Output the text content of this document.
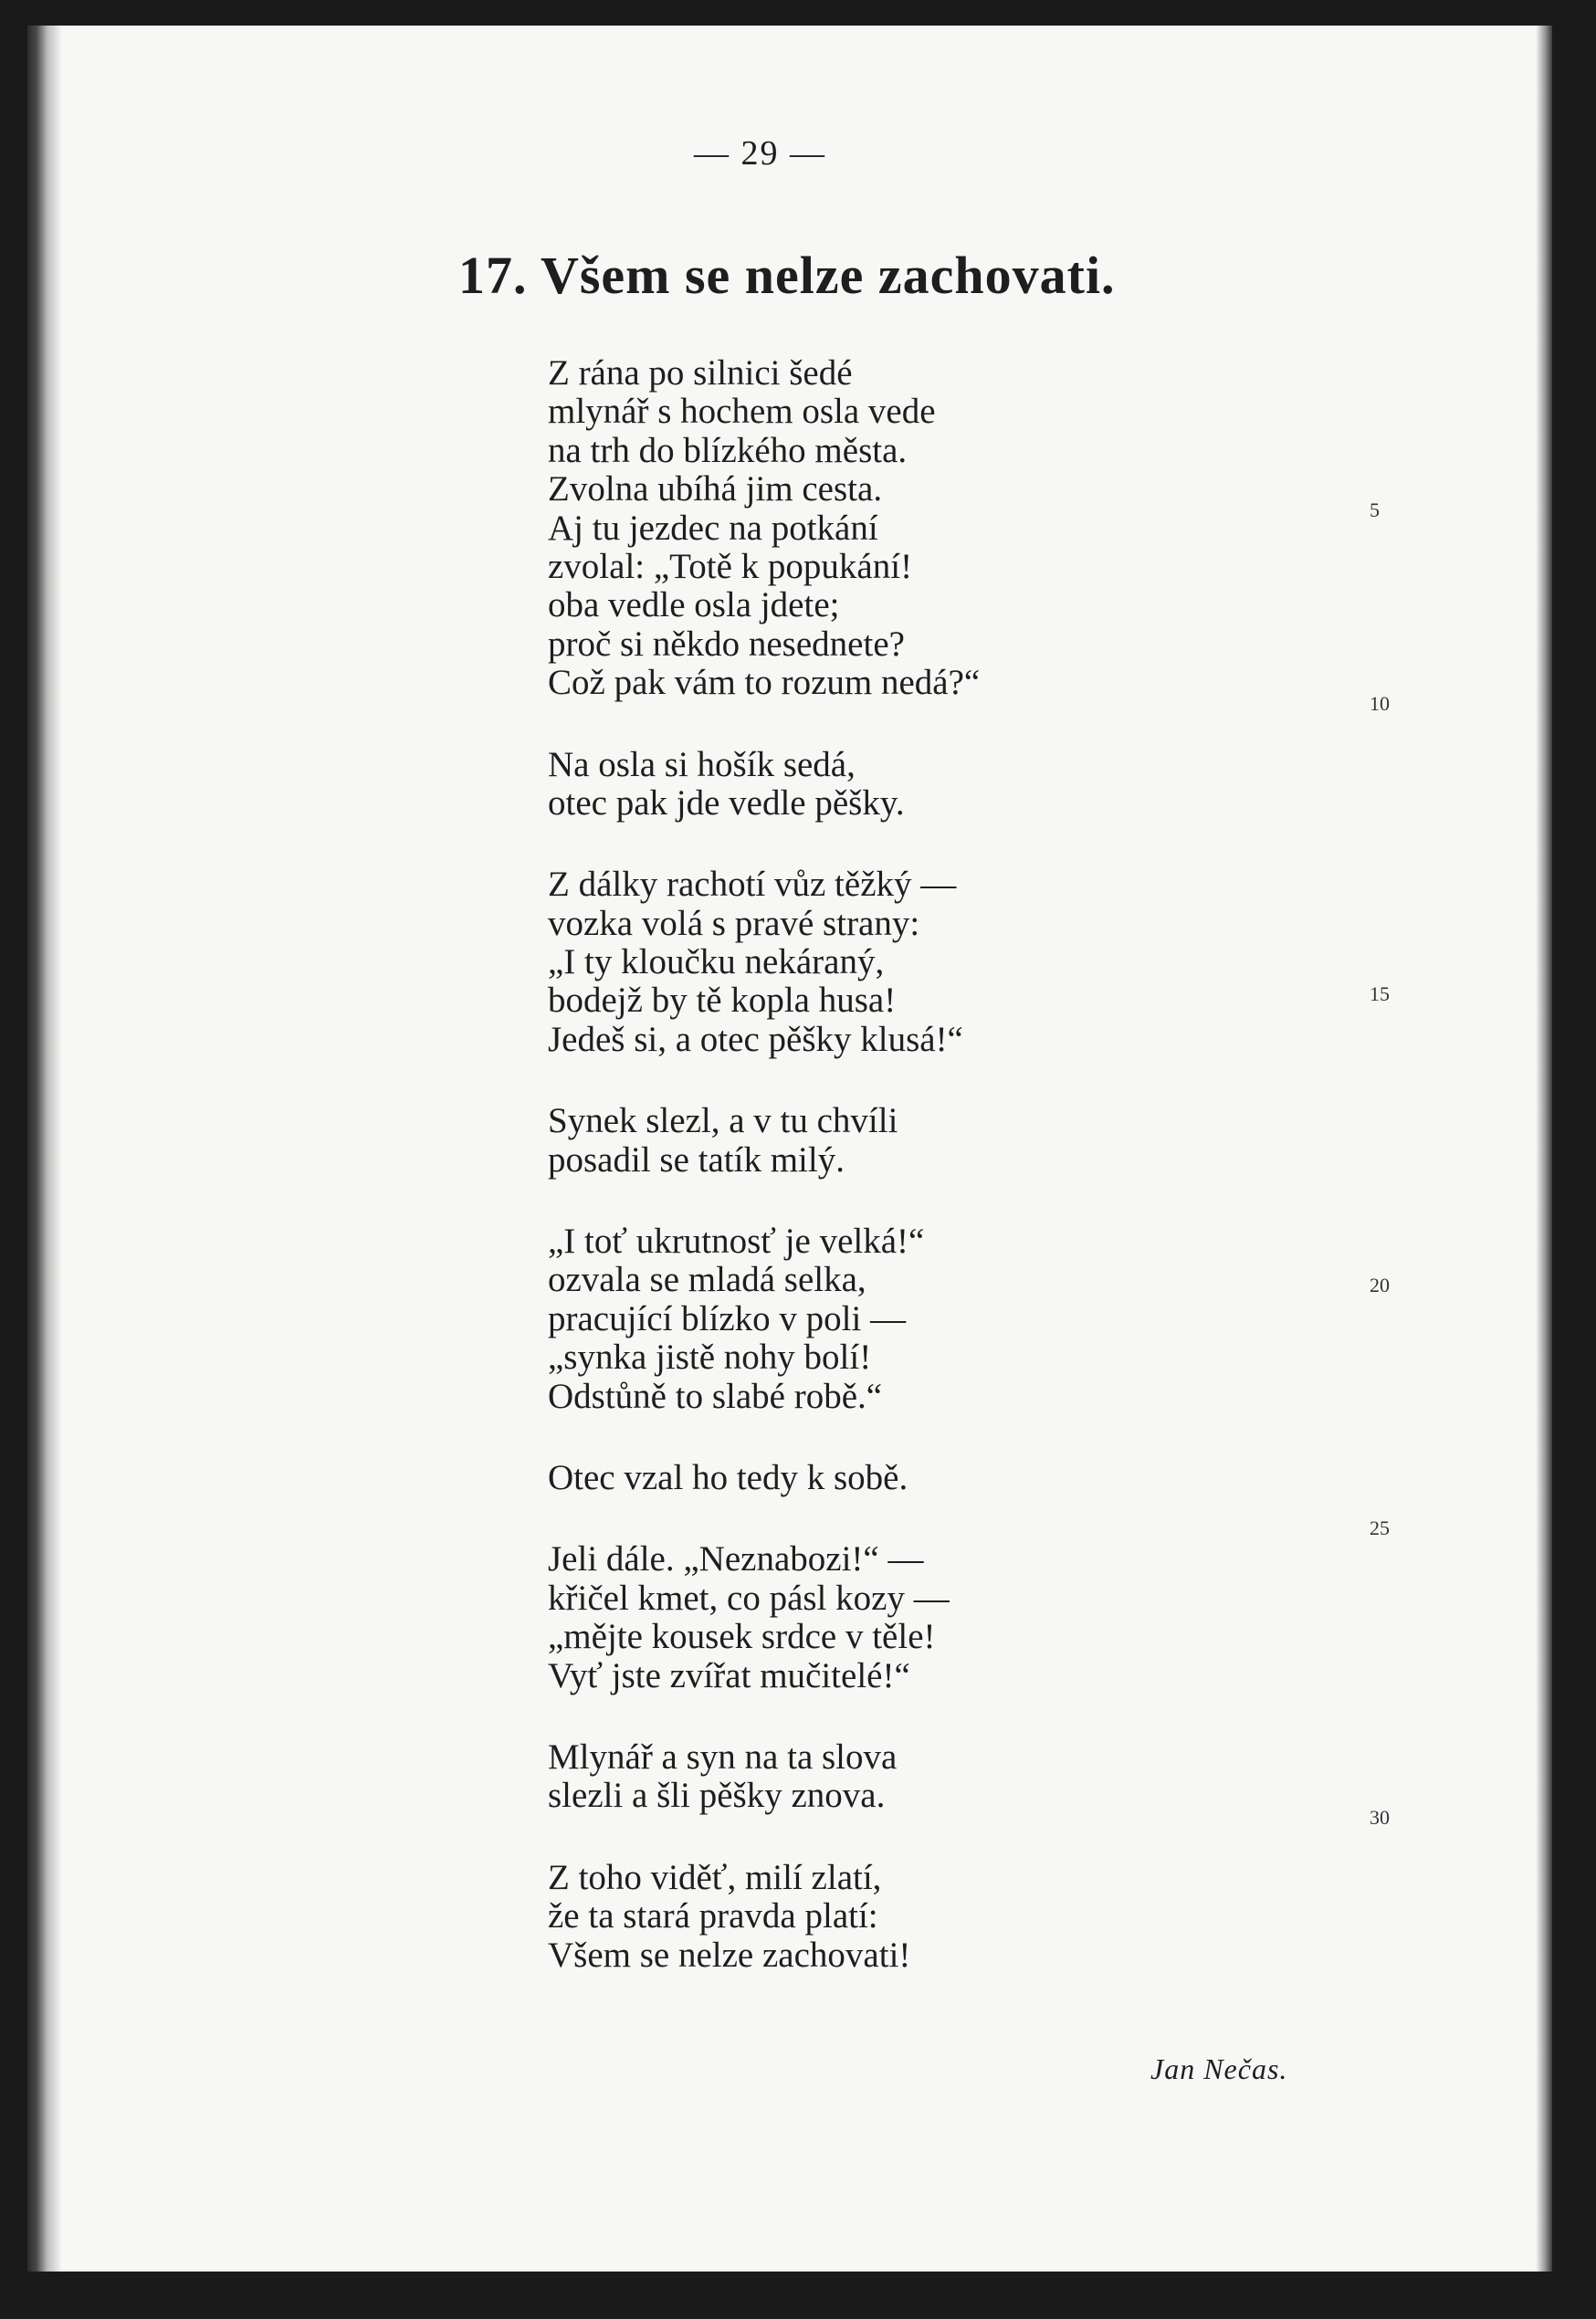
— 29 —
17. Všem se nelze zachovati.
Z rána po silnici šedé
mlynář s hochem osla vede
na trh do blízkého města.
Zvolna ubíhá jim cesta.
Aj tu jezdec na potkání
zvolal: „Totě k popukání!
oba vedle osla jdete;
proč si někdo nesednete?
Což pak vám to rozum nedá?“
Na osla si hošík sedá,
otec pak jde vedle pěšky.
Z dálky rachotí vůz těžký —
vozka volá s pravé strany:
„I ty kloučku nekáraný,
bodejž by tě kopla husa!
Jedeš si, a otec pěšky klusá!“
Synek slezl, a v tu chvíli
posadil se tatík milý.
„I toť ukrutnosť je velká!“
ozvala se mladá selka,
pracující blízko v poli —
„synka jistě nohy bolí!
Odstůně to slabé robě.“
Otec vzal ho tedy k sobě.
Jeli dále. „Neznabozi!“ —
křičel kmet, co pásl kozy —
„mějte kousek srdce v těle!
Vyť jste zvířat mučitelé!“
Mlynář a syn na ta slova
slezli a šli pěšky znova.
Z toho viděť, milí zlatí,
že ta stará pravda platí:
Všem se nelze zachovati!
5
10
15
20
25
30
Jan Nečas.
